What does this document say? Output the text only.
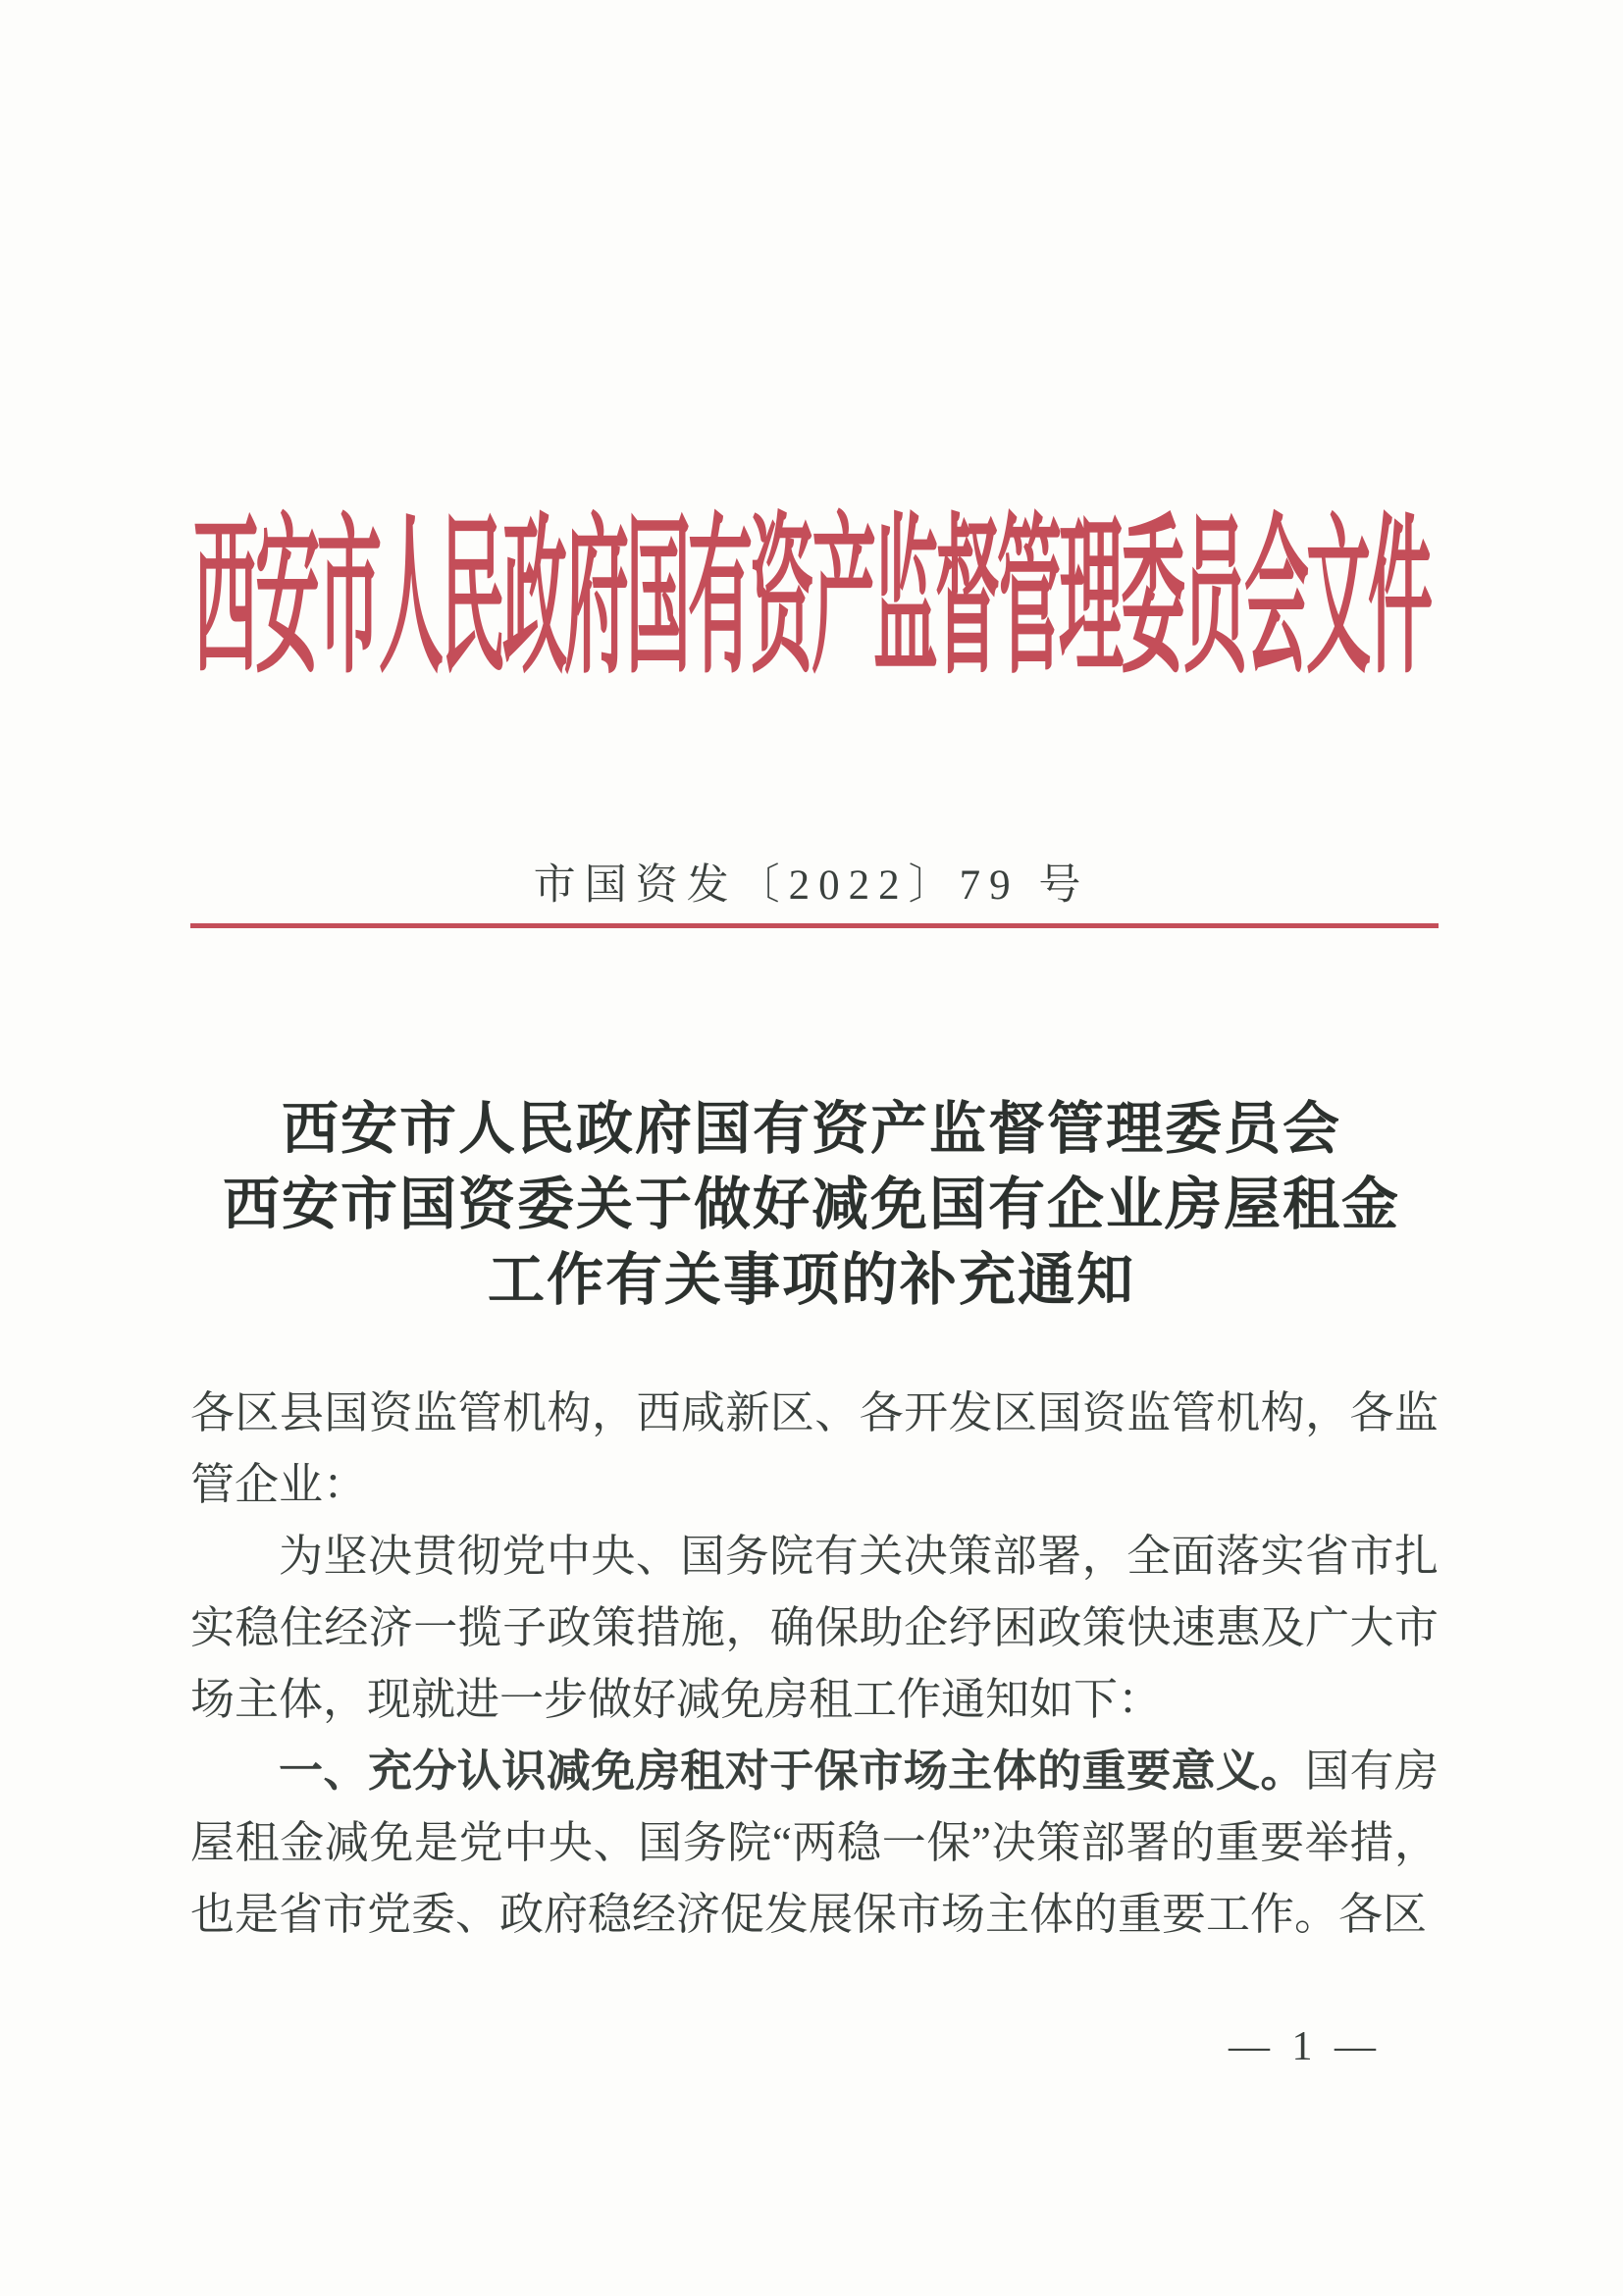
西安市人民政府国有资产监督管理委员会文件
市国资发〔2022〕79 号
西安市人民政府国有资产监督管理委员会
西安市国资委关于做好减免国有企业房屋租金
工作有关事项的补充通知

各区县国资监管机构，西咸新区、各开发区国资监管机构，各监管企业：

为坚决贯彻党中央、国务院有关决策部署，全面落实省市扎实稳住经济一揽子政策措施，确保助企纾困政策快速惠及广大市场主体，现就进一步做好减免房租工作通知如下：

一、充分认识减免房租对于保市场主体的重要意义。国有房屋租金减免是党中央、国务院“两稳一保”决策部署的重要举措，也是省市党委、政府稳经济促发展保市场主体的重要工作。各区

— 1 —
